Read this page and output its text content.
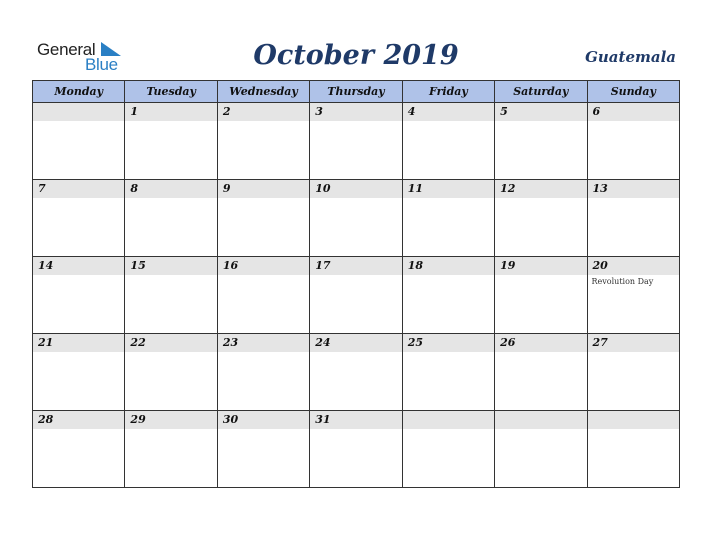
General
Blue	October 2019	Guatemala
Monday	Tuesday	Wednesday	Thursday	Friday	Saturday	Sunday

	1	2	3	4	5	6

7	8	9	10	11	12	13

14	15	16	17	18	19	20
Revolution Day

21	22	23	24	25	26	27

28	29	30	31			
